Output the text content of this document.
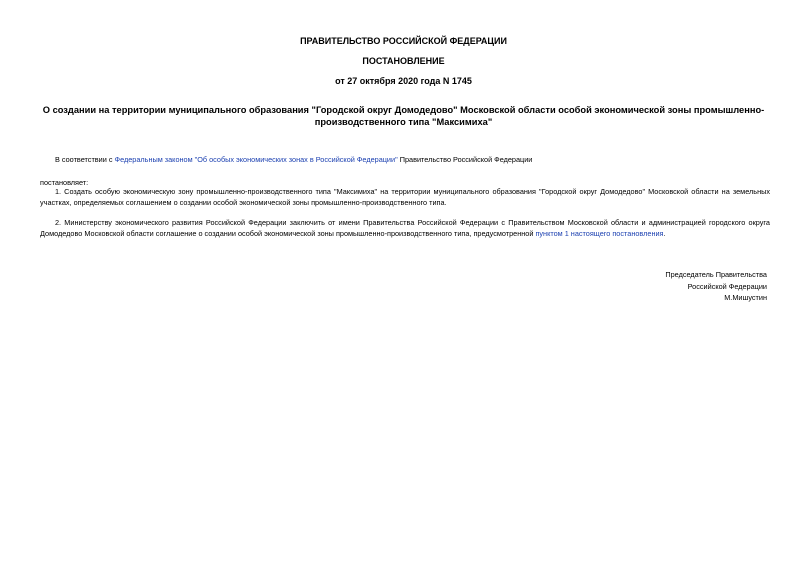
ПРАВИТЕЛЬСТВО РОССИЙСКОЙ ФЕДЕРАЦИИ
ПОСТАНОВЛЕНИЕ
от 27 октября 2020 года N 1745
О создании на территории муниципального образования "Городской округ Домодедово" Московской области особой экономической зоны промышленно-
производственного типа "Максимиха"
В соответствии с Федеральным законом "Об особых экономических зонах в Российской Федерации" Правительство Российской Федерации
постановляет:
1. Создать особую экономическую зону промышленно-производственного типа "Максимиха" на территории муниципального образования "Городской округ Домодедово" Московской области на земельных
участках, определяемых соглашением о создании особой экономической зоны промышленно-производственного типа.
2. Министерству экономического развития Российской Федерации заключить от имени Правительства Российской Федерации с Правительством Московской области и администрацией городского округа
Домодедово Московской области соглашение о создании особой экономической зоны промышленно-производственного типа, предусмотренной пунктом 1 настоящего постановления.
Председатель Правительства
Российской Федерации
М.Мишустин
